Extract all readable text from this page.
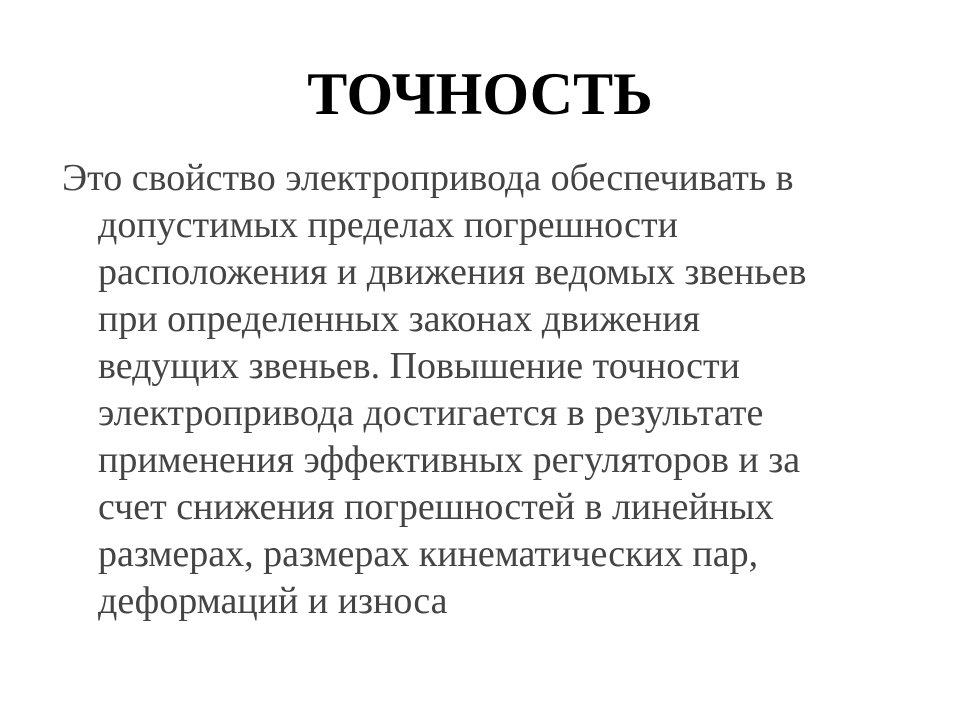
ТОЧНОСТЬ
Это свойство электропривода обеспечивать в
допустимых пределах погрешности
расположения и движения ведомых звеньев
при определенных законах движения
ведущих звеньев. Повышение точности
электропривода достигается в результате
применения эффективных регуляторов и за
счет снижения погрешностей в линейных
размерах, размерах кинематических пар,
деформаций и износа
